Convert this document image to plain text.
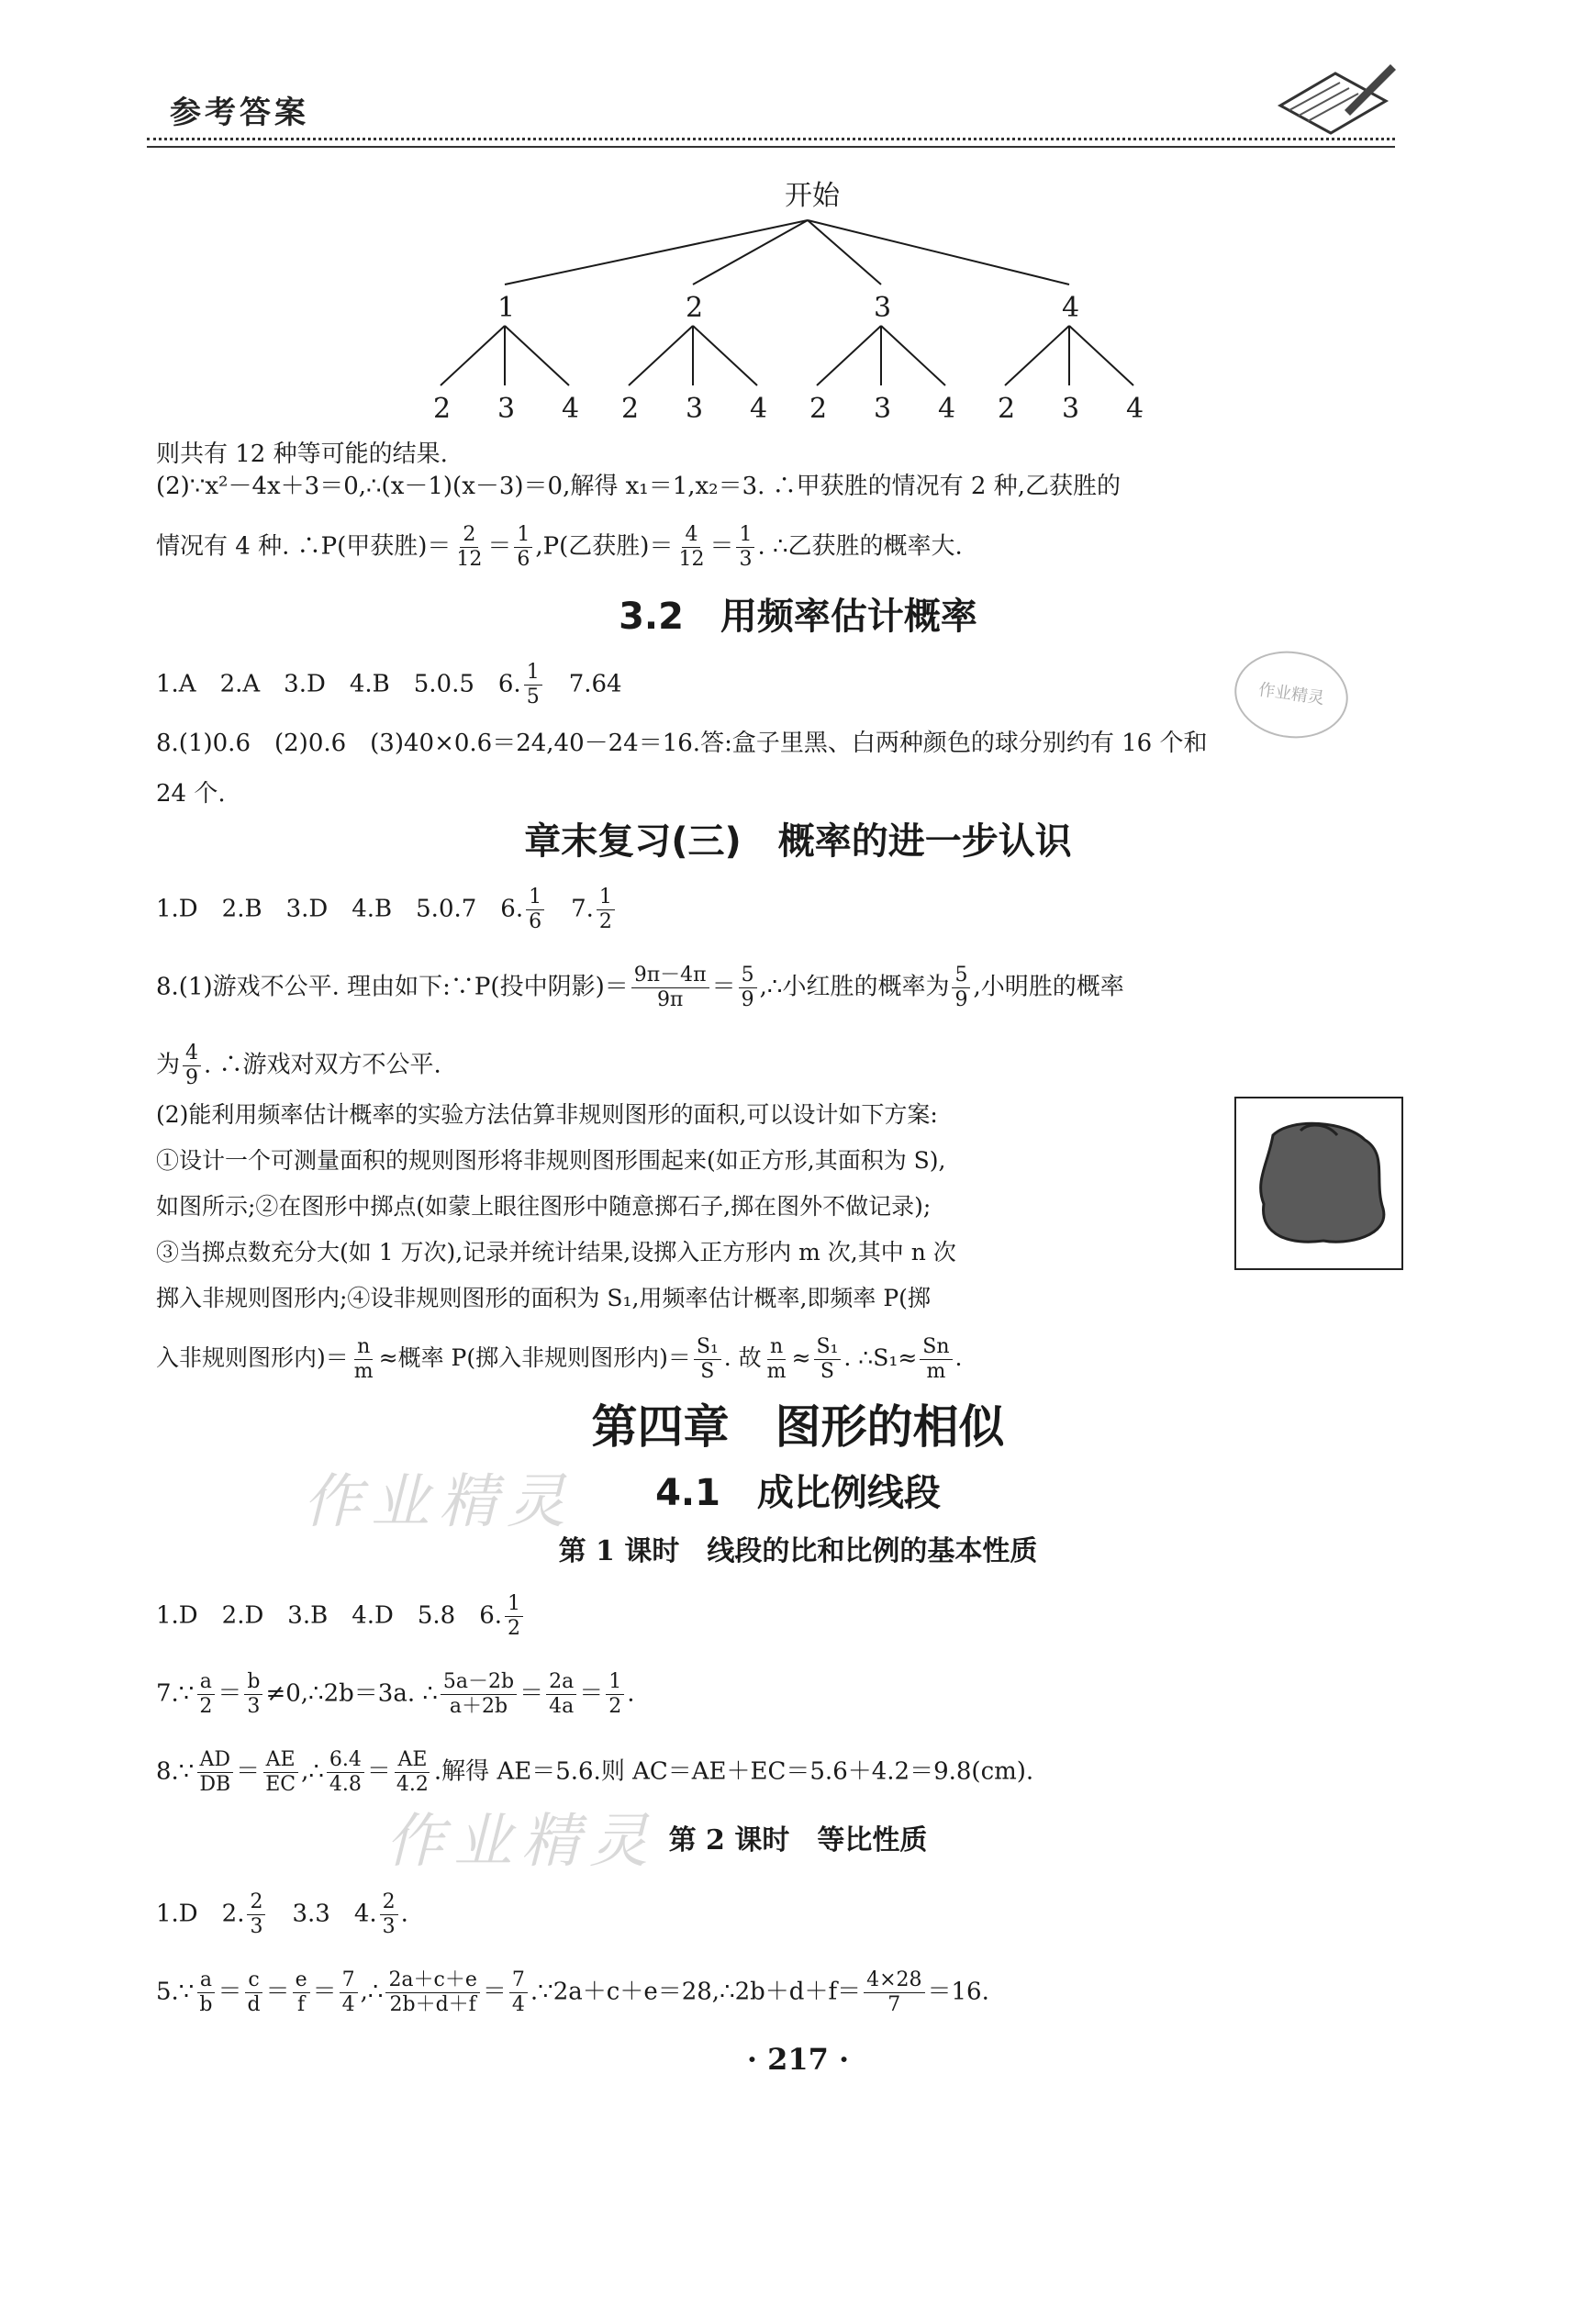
参考答案
开始
1	2	3	4
2 3 4 2 3 4 2 3 4 2 3 4
则共有 12 种等可能的结果.
(2)∵x²－4x＋3＝0,∴(x－1)(x－3)＝0,解得 x₁＝1,x₂＝3. ∴甲获胜的情况有 2 种,乙获胜的
情况有 4 种. ∴P(甲获胜)＝ $\frac{2}{12} = \frac{1}{6} ,P$(乙获胜)＝ $\frac{4}{12} = \frac{1}{3}$ . ∴乙获胜的概率大.
3.2　用频率估计概率
1.A　2.A　3.D　4.B　5.0.5　6. $\frac{1}{5}$ 　7.64
8.(1)0.6　(2)0.6　(3)40×0.6＝24,40－24＝16.答:盒子里黑、白两种颜色的球分别约有 16 个和
24 个.
作业精灵
章末复习(三)　概率的进一步认识
1.D　2.B　3.D　4.B　5.0.7　6. $\frac{1}{6}$ 　7. $\frac{1}{2}$
8.(1)游戏不公平. 理由如下:∵P(投中阴影)＝ $\frac{9\pi-4\pi}{9\pi} = \frac{5}{9}$ ,∴小红胜的概率为 $\frac{5}{9}$ ,小明胜的概率
为 $\frac{4}{9}$ . ∴游戏对双方不公平.
(2)能利用频率估计概率的实验方法估算非规则图形的面积,可以设计如下方案:
①设计一个可测量面积的规则图形将非规则图形围起来(如正方形,其面积为 S),
如图所示;②在图形中掷点(如蒙上眼往图形中随意掷石子,掷在图外不做记录);
③当掷点数充分大(如 1 万次),记录并统计结果,设掷入正方形内 m 次,其中 n 次
掷入非规则图形内;④设非规则图形的面积为 S₁,用频率估计概率,即频率 P(掷
入非规则图形内)＝ $\frac{n}{m}$ ≈概率 P(掷入非规则图形内)＝ $\frac{\text{S₁}}{S}$ . 故 $\frac{n}{m} \approx \frac{\text{S₁}}{S}$ . ∴S₁≈ $\frac{Sn}{m}$ .
作业精灵
作业精灵
第四章　图形的相似
4.1　成比例线段
第 1 课时　线段的比和比例的基本性质
1.D　2.D　3.B　4.D　5.8　6. $\frac{1}{2}$
7.∵ $\frac{a}{2} = \frac{b}{3}$ ≠0,∴2b＝3a. ∴ $\frac{5a-2b}{a+2b} = \frac{2a}{4a} = \frac{1}{2}$ .
8.∵ $\frac{AD}{DB} = \frac{AE}{EC}$ ,∴ $\frac{6.4}{4.8} = \frac{AE}{4.2}$ .解得 AE＝5.6.则 AC＝AE＋EC＝5.6＋4.2＝9.8(cm).
第 2 课时　等比性质
1.D　2. $\frac{2}{3}$ 　3.3　4. $\frac{2}{3}$ .
5.∵ $\frac{a}{b} = \frac{c}{d} = \frac{e}{f} = \frac{7}{4}$ ,∴ $\frac{2a+c+e}{2b+d+f} = \frac{7}{4}$ .∵2a＋c＋e＝28,∴2b＋d＋f＝ $\frac{4\times 28}{7} =16$.
· 217 ·
